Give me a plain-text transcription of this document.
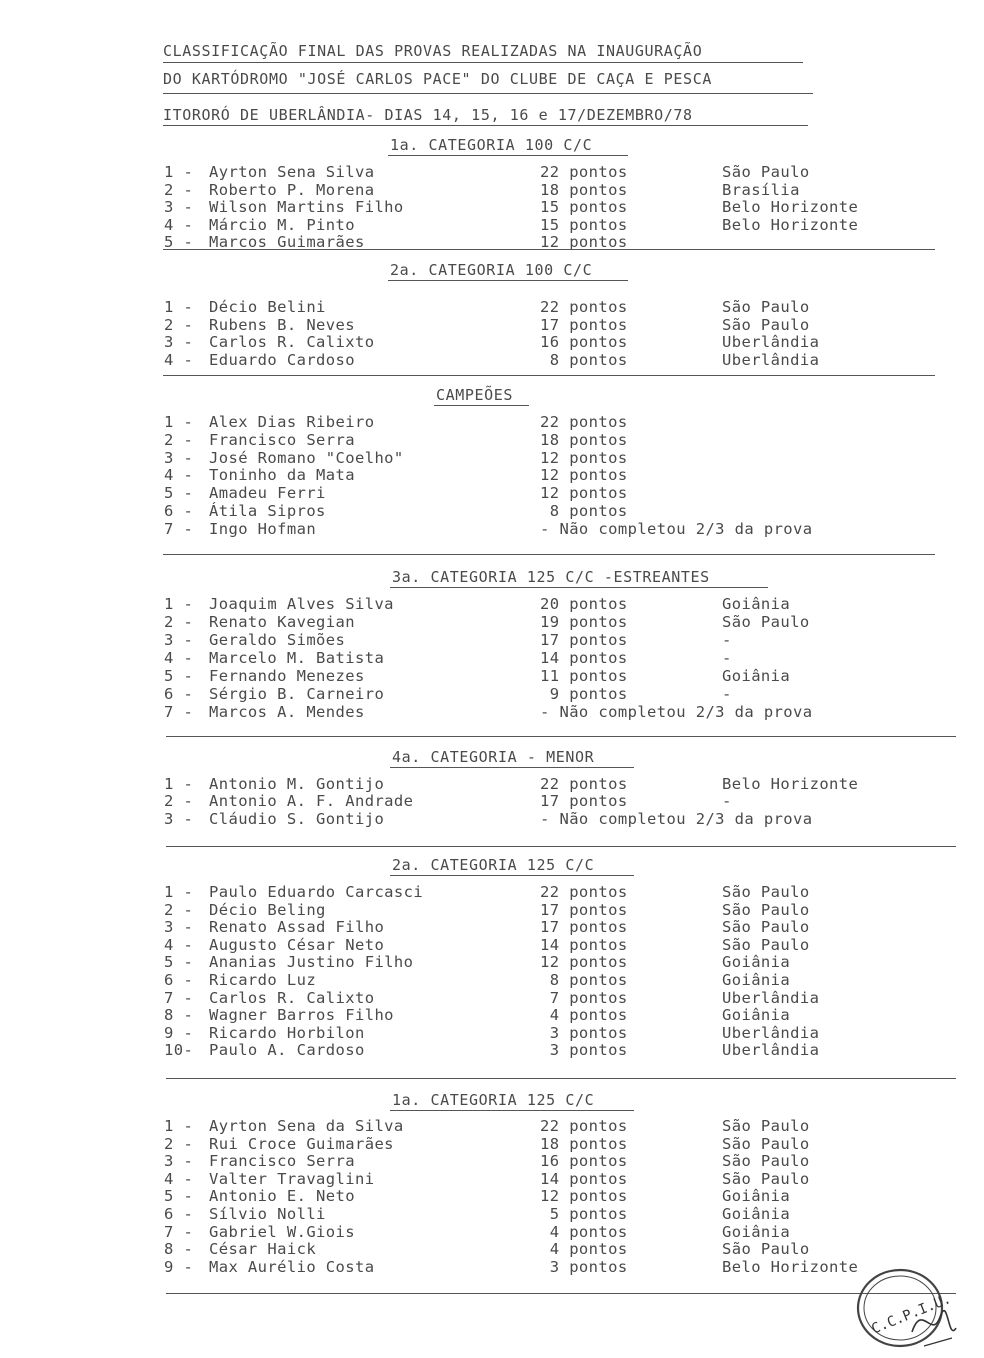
CLASSIFICAÇÃO FINAL DAS PROVAS REALIZADAS NA INAUGURAÇÃO
DO KARTÓDROMO "JOSÉ CARLOS PACE" DO CLUBE DE CAÇA E PESCA
ITORORÓ DE UBERLÂNDIA- DIAS 14, 15, 16 e 17/DEZEMBRO/78
1a. CATEGORIA 100 C/C
1 - Ayrton Sena Silva	22 pontos	São Paulo
2 - Roberto P. Morena	18 pontos	Brasília
3 - Wilson Martins Filho	15 pontos	Belo Horizonte
4 - Márcio M. Pinto	15 pontos	Belo Horizonte
5 - Marcos Guimarães	12 pontos
2a. CATEGORIA 100 C/C
1 - Décio Belini	22 pontos	São Paulo
2 - Rubens B. Neves	17 pontos	São Paulo
3 - Carlos R. Calixto	16 pontos	Uberlândia
4 - Eduardo Cardoso	8 pontos	Uberlândia
CAMPEÕES
1 - Alex Dias Ribeiro	22 pontos
2 - Francisco Serra	18 pontos
3 - José Romano "Coelho"	12 pontos
4 - Toninho da Mata	12 pontos
5 - Amadeu Ferri	12 pontos
6 - Átila Sipros	8 pontos
7 - Ingo Hofman	- Não completou 2/3 da prova
3a. CATEGORIA 125 C/C -ESTREANTES
1 - Joaquim Alves Silva	20 pontos	Goiânia
2 - Renato Kavegian	19 pontos	São Paulo
3 - Geraldo Simões	17 pontos	-
4 - Marcelo M. Batista	14 pontos	-
5 - Fernando Menezes	11 pontos	Goiânia
6 - Sérgio B. Carneiro	9 pontos	-
7 - Marcos A. Mendes	- Não completou 2/3 da prova
4a. CATEGORIA - MENOR
1 - Antonio M. Gontijo	22 pontos	Belo Horizonte
2 - Antonio A. F. Andrade	17 pontos	-
3 - Cláudio S. Gontijo	- Não completou 2/3 da prova
2a. CATEGORIA 125 C/C
1 - Paulo Eduardo Carcasci	22 pontos	São Paulo
2 - Décio Beling	17 pontos	São Paulo
3 - Renato Assad Filho	17 pontos	São Paulo
4 - Augusto César Neto	14 pontos	São Paulo
5 - Ananias Justino Filho	12 pontos	Goiânia
6 - Ricardo Luz	8 pontos	Goiânia
7 - Carlos R. Calixto	7 pontos	Uberlândia
8 - Wagner Barros Filho	4 pontos	Goiânia
9 - Ricardo Horbilon	3 pontos	Uberlândia
10- Paulo A. Cardoso	3 pontos	Uberlândia
1a. CATEGORIA 125 C/C
1 - Ayrton Sena da Silva	22 pontos	São Paulo
2 - Rui Croce Guimarães	18 pontos	São Paulo
3 - Francisco Serra	16 pontos	São Paulo
4 - Valter Travaglini	14 pontos	São Paulo
5 - Antonio E. Neto	12 pontos	Goiânia
6 - Sílvio Nolli	5 pontos	Goiânia
7 - Gabriel W.Giois	4 pontos	Goiânia
8 - César Haick	4 pontos	São Paulo
9 - Max Aurélio Costa	3 pontos	Belo Horizonte
C.C.P.I.U.
